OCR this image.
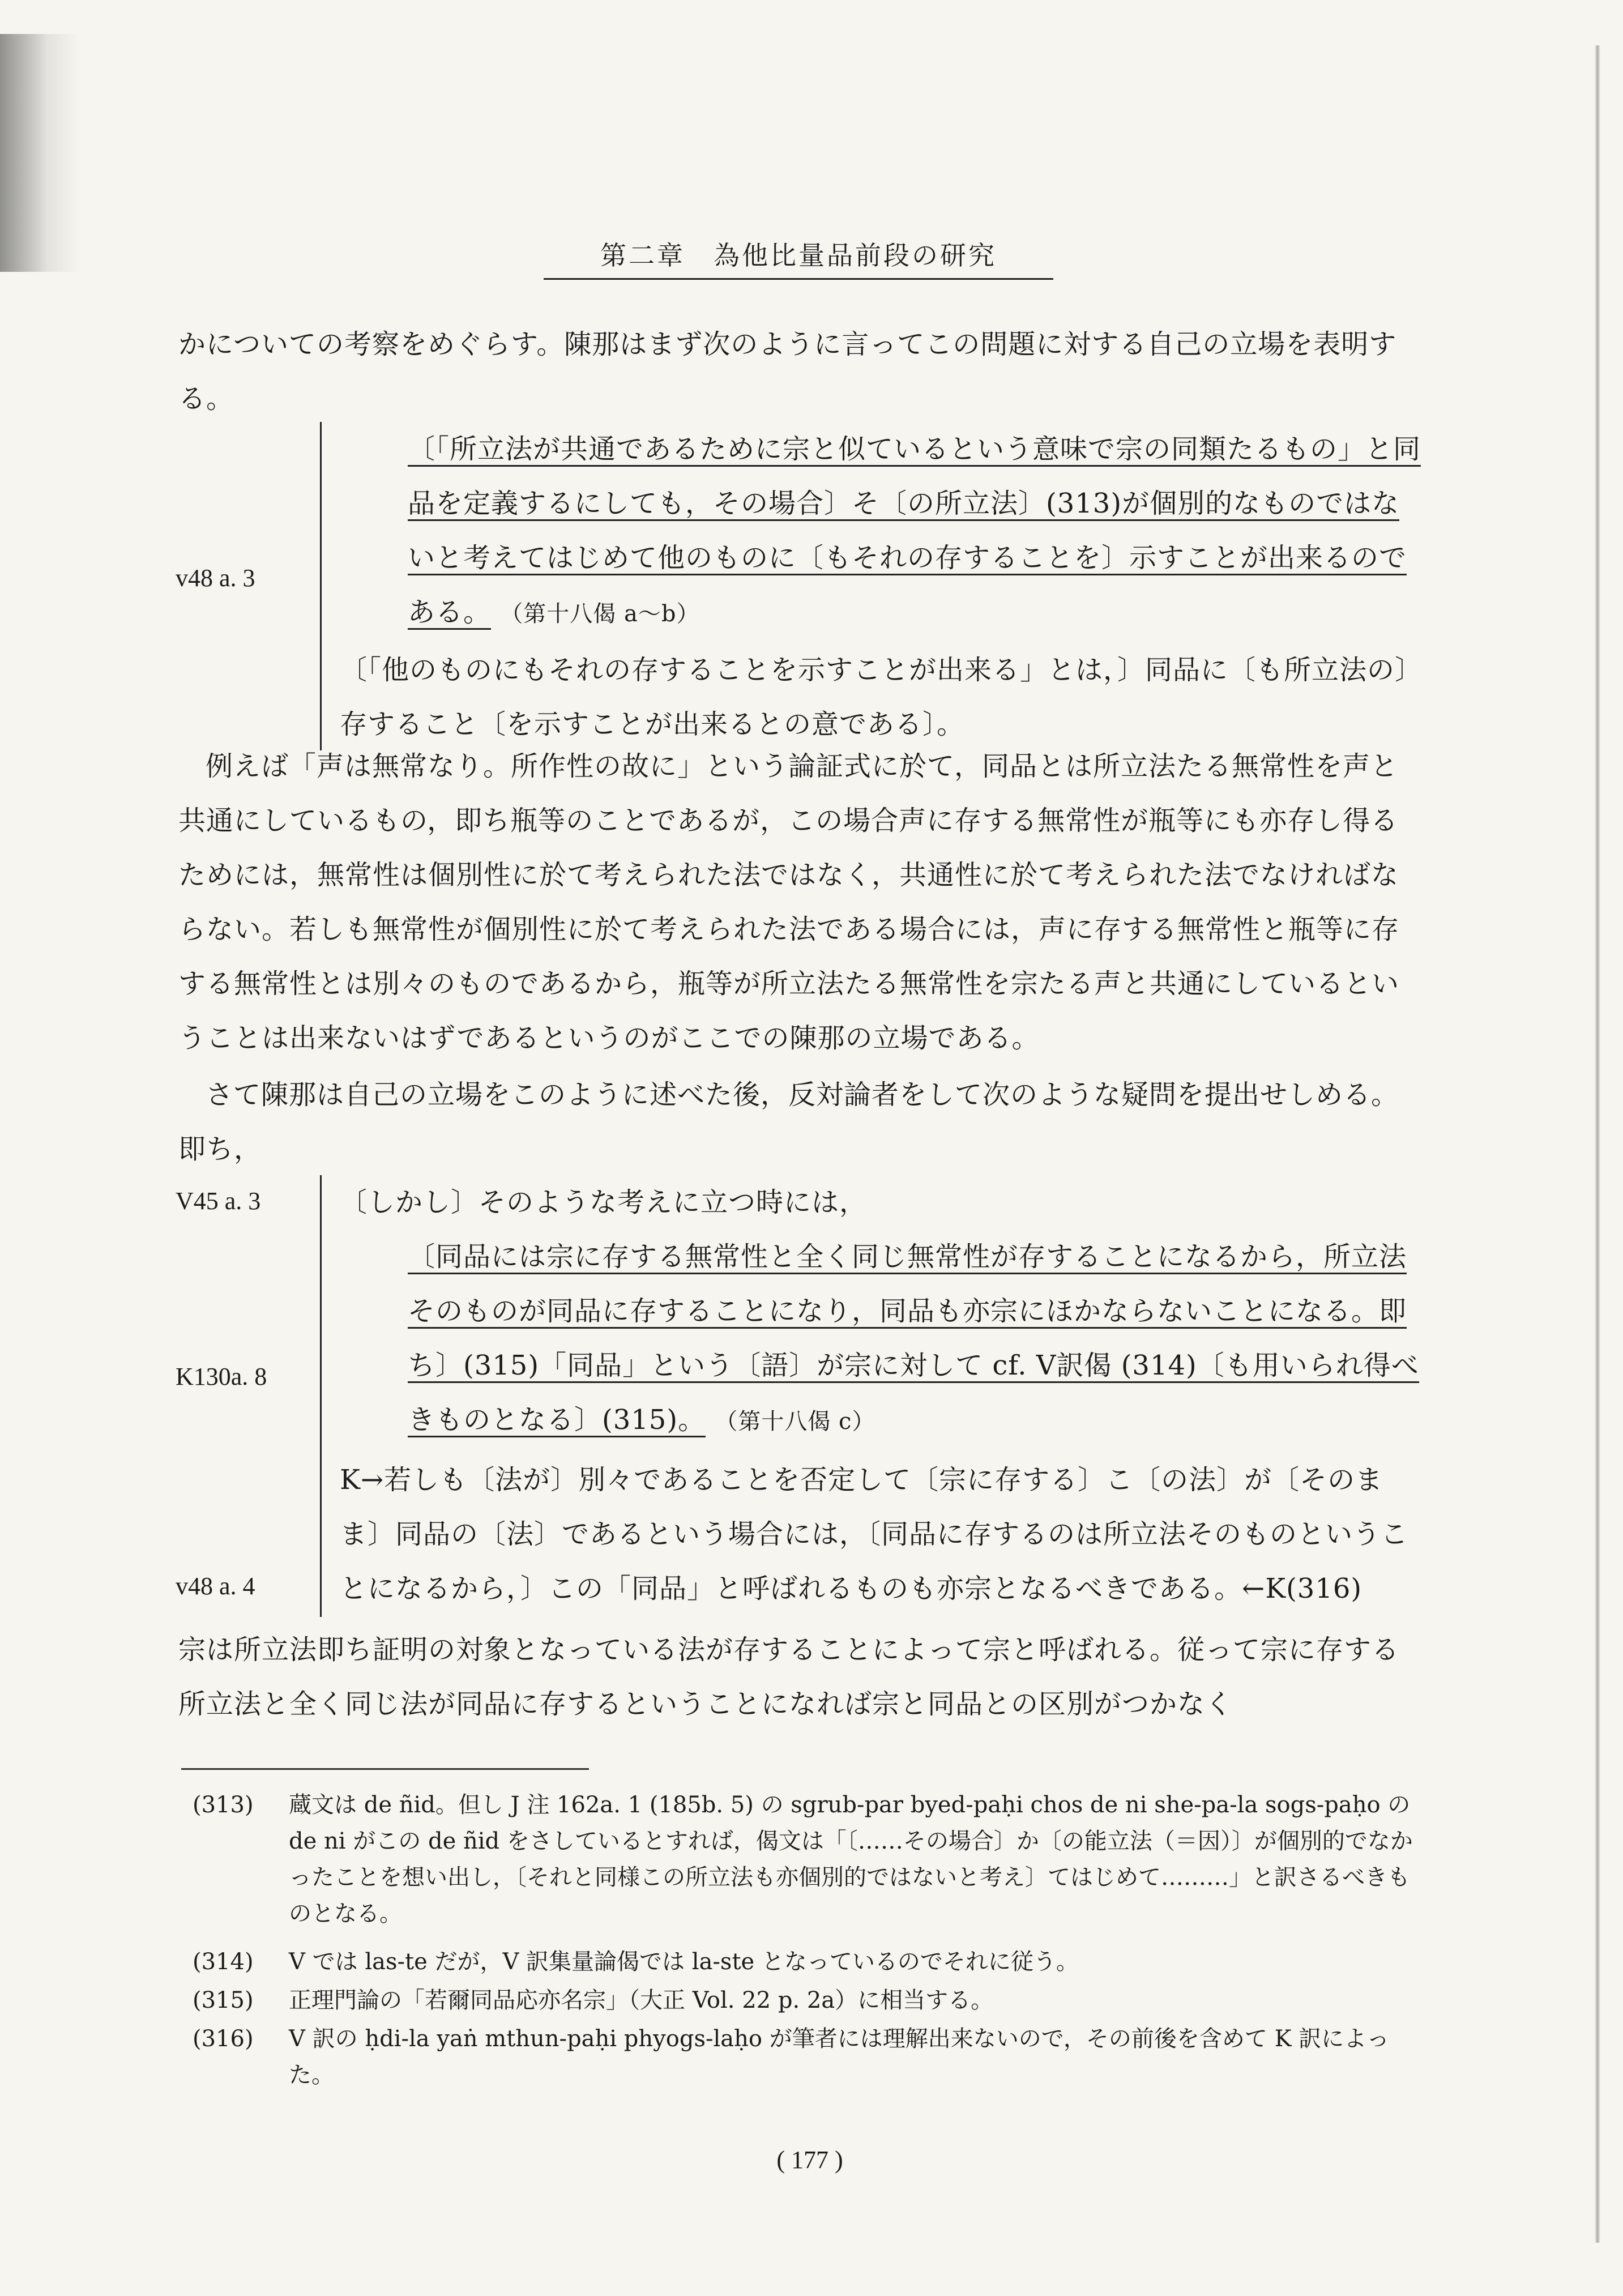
第二章　為他比量品前段の研究
かについての考察をめぐらす。陳那はまず次のように言ってこの問題に対する自己の立場を表明する。
v48 a. 3
〔「所立法が共通であるために宗と似ているという意味で宗の同類たるもの」と同品を定義するにしても，その場合〕そ〔の所立法〕(313)が個別的なものではないと考えてはじめて他のものに〔もそれの存することを〕示すことが出来るのである。 （第十八偈 a〜b）
〔「他のものにもそれの存することを示すことが出来る」とは，〕同品に〔も所立法の〕存すること〔を示すことが出来るとの意である〕。
例えば「声は無常なり。所作性の故に」という論証式に於て，同品とは所立法たる無常性を声と共通にしているもの，即ち瓶等のことであるが，この場合声に存する無常性が瓶等にも亦存し得るためには，無常性は個別性に於て考えられた法ではなく，共通性に於て考えられた法でなければならない。若しも無常性が個別性に於て考えられた法である場合には，声に存する無常性と瓶等に存する無常性とは別々のものであるから，瓶等が所立法たる無常性を宗たる声と共通にしているということは出来ないはずであるというのがここでの陳那の立場である。
さて陳那は自己の立場をこのように述べた後，反対論者をして次のような疑問を提出せしめる。即ち，
V45 a. 3
K130a. 8
v48 a. 4
〔しかし〕そのような考えに立つ時には，
〔同品には宗に存する無常性と全く同じ無常性が存することになるから，所立法そのものが同品に存することになり，同品も亦宗にほかならないことになる。即ち〕(315)「同品」という〔語〕が宗に対して cf. V訳偈 (314)〔も用いられ得べきものとなる〕(315)。 （第十八偈 c）
K→若しも〔法が〕別々であることを否定して〔宗に存する〕こ〔の法〕が〔そのまま〕同品の〔法〕であるという場合には，〔同品に存するのは所立法そのものということになるから，〕この「同品」と呼ばれるものも亦宗となるべきである。←K(316)
宗は所立法即ち証明の対象となっている法が存することによって宗と呼ばれる。従って宗に存する所立法と全く同じ法が同品に存するということになれば宗と同品との区別がつかなく
(313) 蔵文は de ñid。但し J 注 162a. 1 (185b. 5) の sgrub-par byed-paḥi chos de ni she-pa-la sogs-paḥo の de ni がこの de ñid をさしているとすれば，偈文は「〔……その場合〕か〔の能立法（＝因）〕が個別的でなかったことを想い出し，〔それと同様この所立法も亦個別的ではないと考え〕てはじめて………」と訳さるべきものとなる。
(314) V では las-te だが，V 訳集量論偈では la-ste となっているのでそれに従う。
(315) 正理門論の「若爾同品応亦名宗」（大正 Vol. 22 p. 2a）に相当する。
(316) V 訳の ḥdi-la yaṅ mthun-paḥi phyogs-laḥo が筆者には理解出来ないので，その前後を含めて K 訳によった。
( 177 )
